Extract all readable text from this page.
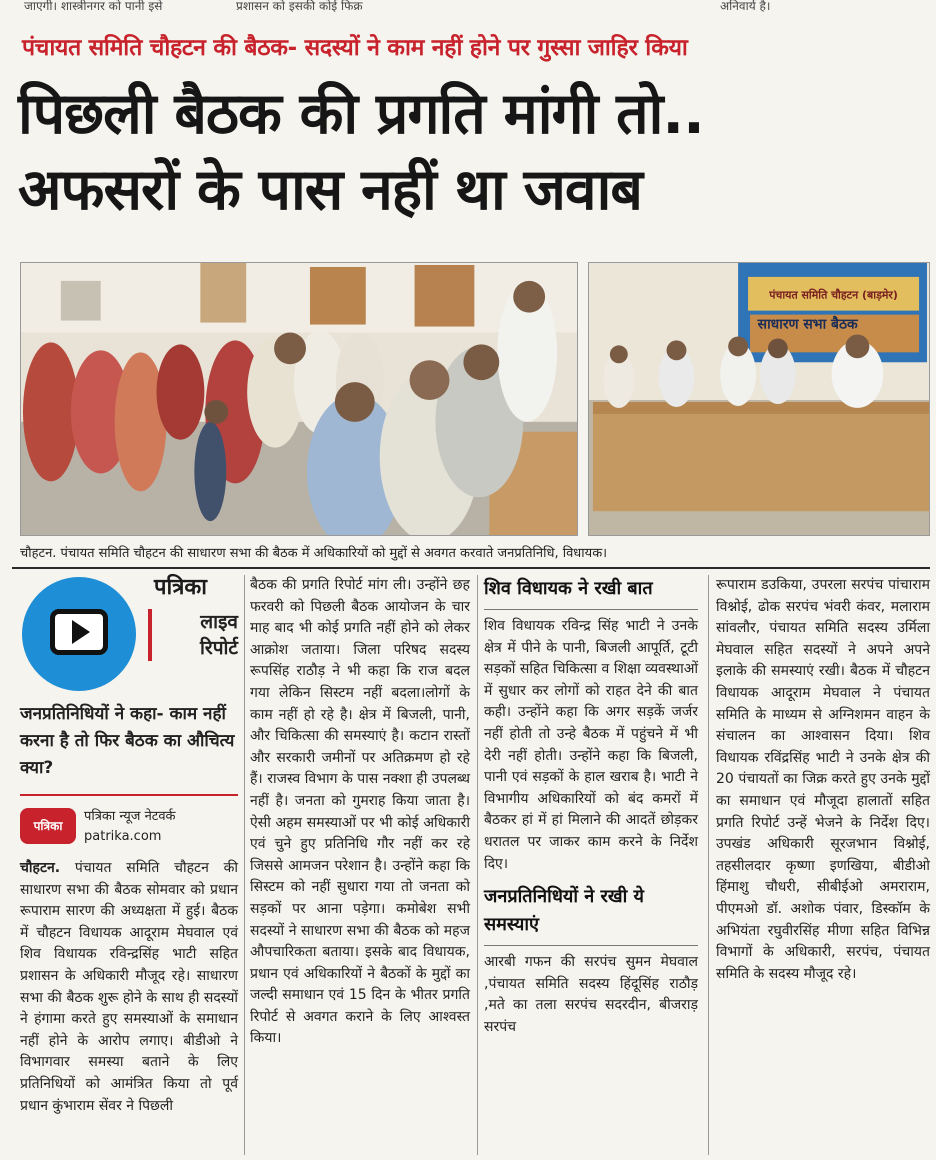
जाएगी। शास्त्रीनगर को पानी इसे	प्रशासन को इसकी कोई फिक्र	अनिवार्य है।
पंचायत समिति चौहटन की बैठक- सदस्यों ने काम नहीं होने पर गुस्सा जाहिर किया
पिछली बैठक की प्रगति मांगी तो..
अफसरों के पास नहीं था जवाब
पंचायत समिति चौहटन (बाड़मेर)
साधारण सभा बैठक
चौहटन. पंचायत समिति चौहटन की साधारण सभा की बैठक में अधिकारियों को मुद्दों से अवगत करवाते जनप्रतिनिधि, विधायक।
पत्रिका
लाइव
रिपोर्ट
जनप्रतिनिधियों ने कहा- काम नहीं करना है तो फिर बैठक का औचित्य क्या?
पत्रिका
पत्रिका न्यूज नेटवर्क
patrika.com

चौहटन. पंचायत समिति चौहटन की साधारण सभा की बैठक सोमवार को प्रधान रूपाराम सारण की अध्यक्षता में हुई। बैठक में चौहटन विधायक आदूराम मेघवाल एवं शिव विधायक रविन्द्रसिंह भाटी सहित प्रशासन के अधिकारी मौजूद रहे। साधारण सभा की बैठक शुरू होने के साथ ही सदस्यों ने हंगामा करते हुए समस्याओं के समाधान नहीं होने के आरोप लगाए। बीडीओ ने विभागवार समस्या बताने के लिए प्रतिनिधियों को आमंत्रित किया तो पूर्व प्रधान कुंभाराम सेंवर ने पिछली

बैठक की प्रगति रिपोर्ट मांग ली। उन्होंने छह फरवरी को पिछली बैठक आयोजन के चार माह बाद भी कोई प्रगति नहीं होने को लेकर आक्रोश जताया। जिला परिषद सदस्य रूपसिंह राठौड़ ने भी कहा कि राज बदल गया लेकिन सिस्टम नहीं बदला।लोगों के काम नहीं हो रहे है। क्षेत्र में बिजली, पानी, और चिकित्सा की समस्याएं है। कटान रास्तों और सरकारी जमीनों पर अतिक्रमण हो रहे हैं। राजस्व विभाग के पास नक्शा ही उपलब्ध नहीं है। जनता को गुमराह किया जाता है। ऐसी अहम समस्याओं पर भी कोई अधिकारी एवं चुने हुए प्रतिनिधि गौर नहीं कर रहे जिससे आमजन परेशान है। उन्होंने कहा कि सिस्टम को नहीं सुधारा गया तो जनता को सड़कों पर आना पड़ेगा। कमोबेश सभी सदस्यों ने साधारण सभा की बैठक को महज औपचारिकता बताया। इसके बाद विधायक, प्रधान एवं अधिकारियों ने बैठकों के मुद्दों का जल्दी समाधान एवं 15 दिन के भीतर प्रगति रिपोर्ट से अवगत कराने के लिए आश्वस्त किया।

शिव विधायक ने रखी बात

शिव विधायक रविन्द्र सिंह भाटी ने उनके क्षेत्र में पीने के पानी, बिजली आपूर्ति, टूटी सड़कों सहित चिकित्सा व शिक्षा व्यवस्थाओं में सुधार कर लोगों को राहत देने की बात कही। उन्होंने कहा कि अगर सड़कें जर्जर नहीं होती तो उन्हे बैठक में पहुंचने में भी देरी नहीं होती। उन्होंने कहा कि बिजली, पानी एवं सड़कों के हाल खराब है। भाटी ने विभागीय अधिकारियों को बंद कमरों में बैठकर हां में हां मिलाने की आदतें छोड़कर धरातल पर जाकर काम करने के निर्देश दिए।

जनप्रतिनिधियों ने रखी ये समस्याएं

आरबी गफन की सरपंच सुमन मेघवाल ,पंचायत समिति सदस्य हिंदूसिंह राठौड़ ,मते का तला सरपंच सदरदीन, बीजराड़ सरपंच

रूपाराम डउकिया, उपरला सरपंच पांचाराम विश्नोई, ढोक सरपंच भंवरी कंवर, मलाराम सांवलौर, पंचायत समिति सदस्य उर्मिला मेघवाल सहित सदस्यों ने अपने अपने इलाके की समस्याएं रखी। बैठक में चौहटन विधायक आदूराम मेघवाल ने पंचायत समिति के माध्यम से अग्निशमन वाहन के संचालन का आश्वासन दिया। शिव विधायक रविंद्रसिंह भाटी ने उनके क्षेत्र की 20 पंचायतों का जिक्र करते हुए उनके मुद्दों का समाधान एवं मौजूदा हालातों सहित प्रगति रिपोर्ट उन्हें भेजने के निर्देश दिए। उपखंड अधिकारी सूरजभान विश्नोई, तहसीलदार कृष्णा इणखिया, बीडीओ हिंमाशु चौधरी, सीबीईओ अमराराम, पीएमओ डॉ. अशोक पंवार, डिस्कॉम के अभियंता रघुवीरसिंह मीणा सहित विभिन्न विभागों के अधिकारी, सरपंच, पंचायत समिति के सदस्य मौजूद रहे।
